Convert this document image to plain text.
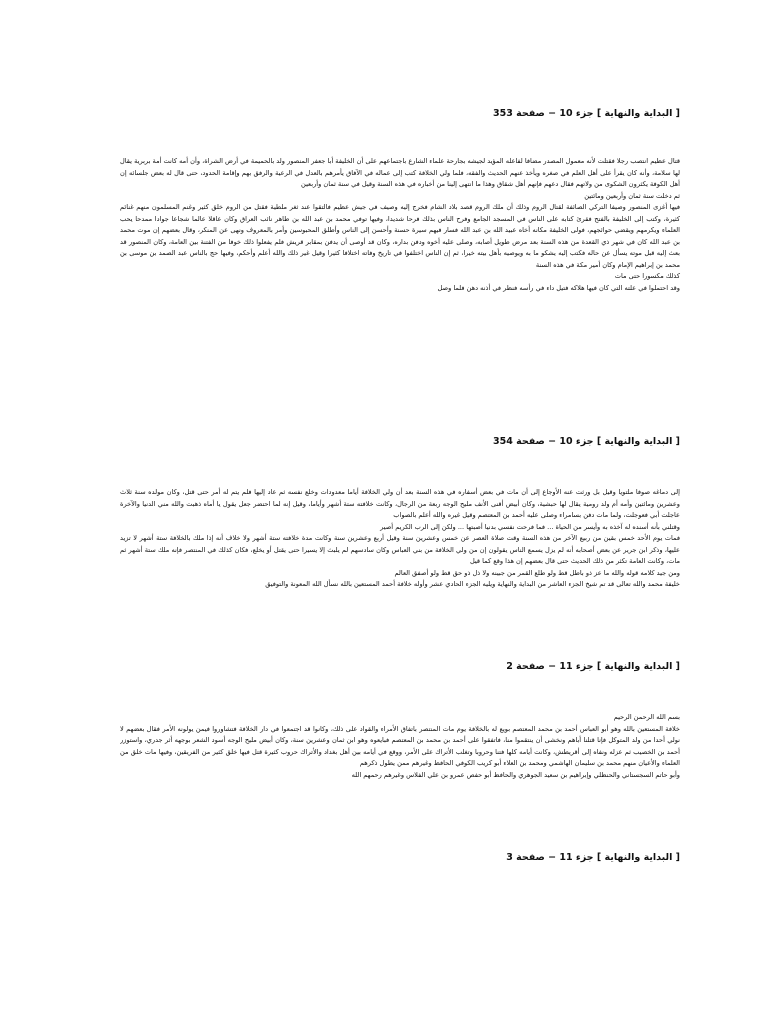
[ البداية والنهاية ] جزء 10 − صفحة 353

قتال عظيم انتصب رجلا فقتلت لأنه معمول المصدر مضافا لفاعله المؤيد لجيشه بجارحة علماء الشارع باجتماعهم على أن الخليفة أبا جعفر المنصور ولد بالحميمة في أرض الشراة، وأن أمه كانت أمة بربرية يقال لها سلامة، وأنه كان يقرأ على أهل العلم في صغره ويأخذ عنهم الحديث والفقه، فلما ولي الخلافة كتب إلى عماله في الآفاق يأمرهم بالعدل في الرعية والرفق بهم وإقامة الحدود، حتى قال له بعض جلسائه إن أهل الكوفة يكثرون الشكوى من ولاتهم فقال دعهم فإنهم أهل شقاق وهذا ما انتهى إلينا من أخباره في هذه السنة وقيل في سنة ثمان وأربعين

ثم دخلت سنة ثمان وأربعين ومائتين

فيها أغزى المنصور وصيفا التركي الصائفة لقتال الروم وذلك أن ملك الروم قصد بلاد الشام فخرج إليه وصيف في جيش عظيم فالتقوا عند ثغر ملطية فقتل من الروم خلق كثير وغنم المسلمون منهم غنائم كثيرة، وكتب إلى الخليفة بالفتح فقرئ كتابه على الناس في المسجد الجامع وفرح الناس بذلك فرحا شديدا، وفيها توفي محمد بن عبد الله بن طاهر نائب العراق وكان عاقلا عالما شجاعا جوادا ممدحا يحب العلماء ويكرمهم ويقضي حوائجهم، فولى الخليفة مكانه أخاه عبيد الله بن عبد الله فسار فيهم سيرة حسنة وأحسن إلى الناس وأطلق المحبوسين وأمر بالمعروف ونهى عن المنكر، وقال بعضهم إن موت محمد بن عبد الله كان في شهر ذي القعدة من هذه السنة بعد مرض طويل أصابه، وصلى عليه أخوه ودفن بداره، وكان قد أوصى أن يدفن بمقابر قريش فلم يفعلوا ذلك خوفا من الفتنة بين العامة، وكان المنصور قد بعث إليه قبل موته يسأل عن حاله فكتب إليه يشكو ما به ويوصيه بأهل بيته خيرا، ثم إن الناس اختلفوا في تاريخ وفاته اختلافا كثيرا وقيل غير ذلك والله أعلم وأحكم، وفيها حج بالناس عبد الصمد بن موسى بن محمد بن إبراهيم الإمام وكان أمير مكة في هذه السنة

كذلك مكسورا حتى مات

وقد احتملوا في علته التي كان فيها هلاكه فتيل داء في رأسه فنظر في أذنه دهن فلما وصل

[ البداية والنهاية ] جزء 10 − صفحة 354

إلى دماغه صوفا ملتويا وقيل بل ورثت عنه الأوجاع إلى أن مات في بعض أسفاره في هذه السنة بعد أن ولي الخلافة أياما معدودات وخلع نفسه ثم عاد إليها فلم يتم له أمر حتى قتل، وكان مولده سنة ثلاث وعشرين ومائتين وأمه أم ولد رومية يقال لها حبشية، وكان أبيض أقنى الأنف مليح الوجه ربعة من الرجال، وكانت خلافته ستة أشهر وأياما، وقيل إنه لما احتضر جعل يقول يا أماه ذهبت والله مني الدنيا والآخرة عاجلت أبي فعوجلت، ولما مات دفن بسامراء وصلى عليه أحمد بن المعتصم وقيل غيره والله أعلم بالصواب

وقتلني بأنه أسنده له آخذه به وأيسر من الحياة ... فما فرحت نفسي بدنيا أصبتها ... ولكن إلى الرب الكريم أصير

فمات يوم الأحد خمس بقين من ربيع الآخر من هذه السنة وقت صلاة العصر عن خمس وعشرين سنة وقيل أربع وعشرين سنة وكانت مدة خلافته ستة أشهر ولا خلاف أنه إذا ملك بالخلافة ستة أشهر لا تزيد عليها، وذكر ابن جرير عن بعض أصحابه أنه لم يزل يسمع الناس يقولون إن من ولي الخلافة من بني العباس وكان سادسهم لم يلبث إلا يسيرا حتى يقتل أو يخلع، فكان كذلك في المنتصر فإنه ملك ستة أشهر ثم مات، وكانت العامة تكثر من ذلك الحديث حتى قال بعضهم إن هذا وقع كما قيل

ومن جيد كلامه قوله والله ما عز ذو باطل قط ولو طلع القمر من جبينه ولا ذل ذو حق قط ولو أصفق العالم

خليفة محمد والله تعالى قد تم شيخ الجزء العاشر من البداية والنهاية ويليه الجزء الحادي عشر وأوله خلافة أحمد المستعين بالله نسأل الله المعونة والتوفيق

[ البداية والنهاية ] جزء 11 − صفحة 2

بسم الله الرحمن الرحيم

خلافة المستعين بالله وهو أبو العباس أحمد بن محمد المعتصم بويع له بالخلافة يوم مات المنتصر باتفاق الأمراء والقواد على ذلك، وكانوا قد اجتمعوا في دار الخلافة فتشاوروا فيمن يولونه الأمر فقال بعضهم لا نولي أحدا من ولد المتوكل فإنا قتلنا أباهم ونخشى أن ينتقموا منا، فاتفقوا على أحمد بن محمد بن المعتصم فبايعوه وهو ابن ثمان وعشرين سنة، وكان أبيض مليح الوجه أسود الشعر بوجهه أثر جدري، واستوزر أحمد بن الخصيب ثم عزله ونفاه إلى أقريطش، وكانت أيامه كلها فتنا وحروبا وتغلب الأتراك على الأمر، ووقع في أيامه بين أهل بغداد والأتراك حروب كثيرة قتل فيها خلق كثير من الفريقين، وفيها مات خلق من العلماء والأعيان منهم محمد بن سليمان الهاشمي ومحمد بن العلاء أبو كريب الكوفي الحافظ وغيرهم ممن يطول ذكرهم

وأبو حاتم السجستاني والحنظلي وإبراهيم بن سعيد الجوهري والحافظ أبو حفص عمرو بن علي الفلاس وغيرهم رحمهم الله

[ البداية والنهاية ] جزء 11 − صفحة 3
